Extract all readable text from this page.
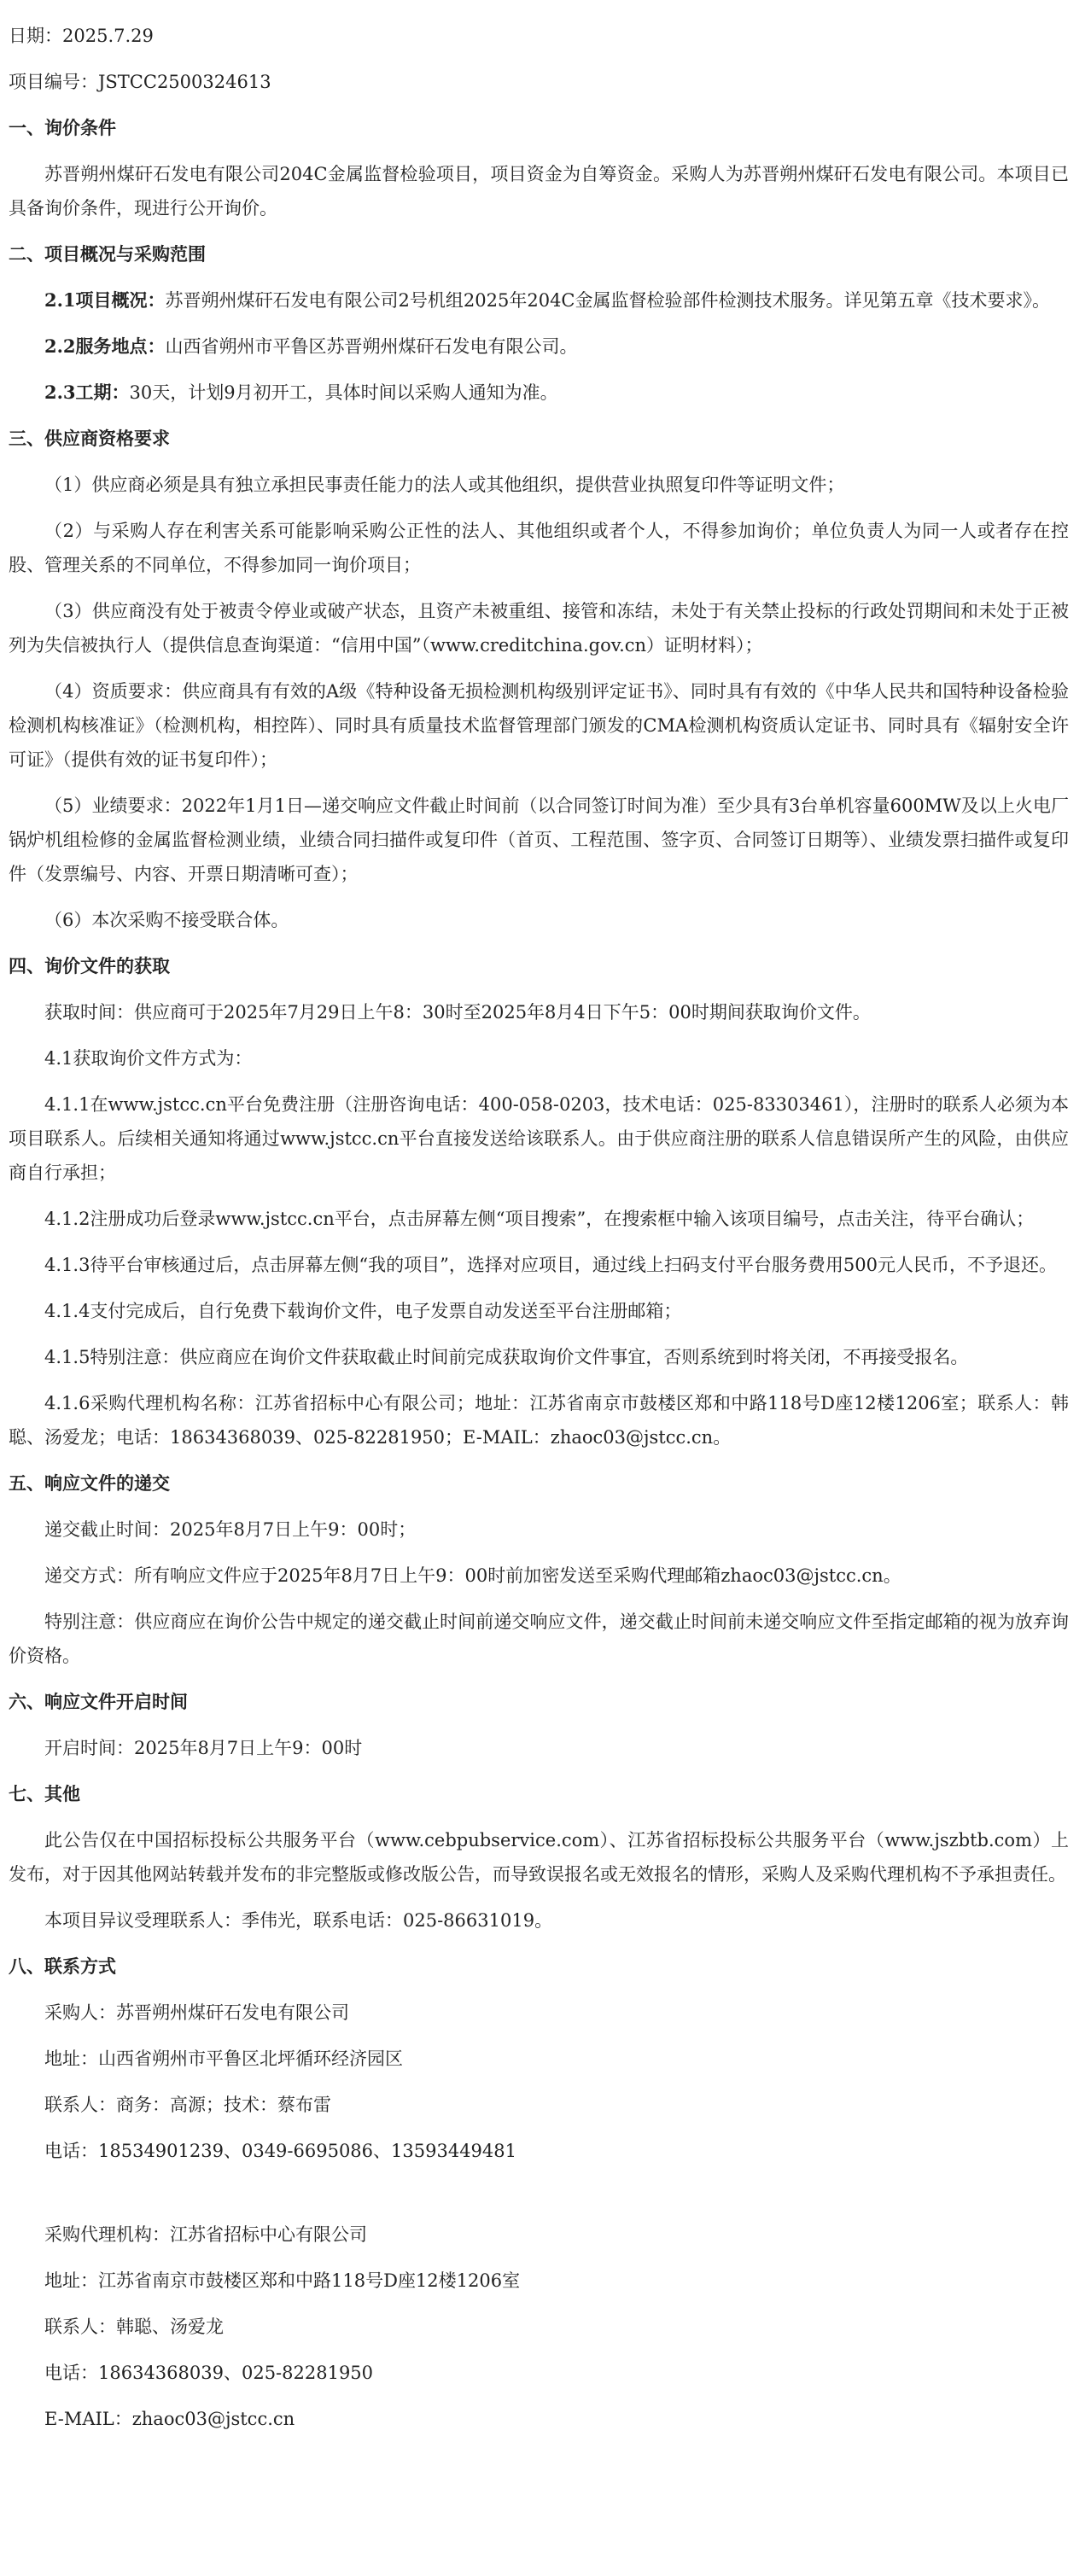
日期：2025.7.29

项目编号：JSTCC2500324613

一、询价条件

苏晋朔州煤矸石发电有限公司204C金属监督检验项目，项目资金为自筹资金。采购人为苏晋朔州煤矸石发电有限公司。本项目已具备询价条件，现进行公开询价。

二、项目概况与采购范围

2.1项目概况：苏晋朔州煤矸石发电有限公司2号机组2025年204C金属监督检验部件检测技术服务。详见第五章《技术要求》。

2.2服务地点：山西省朔州市平鲁区苏晋朔州煤矸石发电有限公司。

2.3工期：30天，计划9月初开工，具体时间以采购人通知为准。

三、供应商资格要求

（1）供应商必须是具有独立承担民事责任能力的法人或其他组织，提供营业执照复印件等证明文件；

（2）与采购人存在利害关系可能影响采购公正性的法人、其他组织或者个人，不得参加询价；单位负责人为同一人或者存在控股、管理关系的不同单位，不得参加同一询价项目；

（3）供应商没有处于被责令停业或破产状态，且资产未被重组、接管和冻结，未处于有关禁止投标的行政处罚期间和未处于正被列为失信被执行人（提供信息查询渠道：“信用中国”（www.creditchina.gov.cn）证明材料）；

（4）资质要求：供应商具有有效的A级《特种设备无损检测机构级别评定证书》、同时具有有效的《中华人民共和国特种设备检验检测机构核准证》（检测机构，相控阵）、同时具有质量技术监督管理部门颁发的CMA检测机构资质认定证书、同时具有《辐射安全许可证》（提供有效的证书复印件）；

（5）业绩要求：2022年1月1日—递交响应文件截止时间前（以合同签订时间为准）至少具有3台单机容量600MW及以上火电厂锅炉机组检修的金属监督检测业绩，业绩合同扫描件或复印件（首页、工程范围、签字页、合同签订日期等）、业绩发票扫描件或复印件（发票编号、内容、开票日期清晰可查）；

（6）本次采购不接受联合体。

四、询价文件的获取

获取时间：供应商可于2025年7月29日上午8：30时至2025年8月4日下午5：00时期间获取询价文件。

4.1获取询价文件方式为：

4.1.1在www.jstcc.cn平台免费注册（注册咨询电话：400-058-0203，技术电话：025-83303461），注册时的联系人必须为本项目联系人。后续相关通知将通过www.jstcc.cn平台直接发送给该联系人。由于供应商注册的联系人信息错误所产生的风险，由供应商自行承担；

4.1.2注册成功后登录www.jstcc.cn平台，点击屏幕左侧“项目搜索”，在搜索框中输入该项目编号，点击关注，待平台确认；

4.1.3待平台审核通过后，点击屏幕左侧“我的项目”，选择对应项目，通过线上扫码支付平台服务费用500元人民币，不予退还。

4.1.4支付完成后，自行免费下载询价文件，电子发票自动发送至平台注册邮箱；

4.1.5特别注意：供应商应在询价文件获取截止时间前完成获取询价文件事宜，否则系统到时将关闭，不再接受报名。

4.1.6采购代理机构名称：江苏省招标中心有限公司；地址：江苏省南京市鼓楼区郑和中路118号D座12楼1206室；联系人：韩聪、汤爱龙；电话：18634368039、025-82281950；E-MAIL：zhaoc03@jstcc.cn。

五、响应文件的递交

递交截止时间：2025年8月7日上午9：00时；

递交方式：所有响应文件应于2025年8月7日上午9：00时前加密发送至采购代理邮箱zhaoc03@jstcc.cn。

特别注意：供应商应在询价公告中规定的递交截止时间前递交响应文件，递交截止时间前未递交响应文件至指定邮箱的视为放弃询价资格。

六、响应文件开启时间

开启时间：2025年8月7日上午9：00时

七、其他

此公告仅在中国招标投标公共服务平台（www.cebpubservice.com）、江苏省招标投标公共服务平台（www.jszbtb.com）上发布，对于因其他网站转载并发布的非完整版或修改版公告，而导致误报名或无效报名的情形，采购人及采购代理机构不予承担责任。

本项目异议受理联系人：季伟光，联系电话：025-86631019。

八、联系方式

采购人：苏晋朔州煤矸石发电有限公司

地址：山西省朔州市平鲁区北坪循环经济园区

联系人：商务：高源；技术：蔡布雷

电话：18534901239、0349-6695086、13593449481

采购代理机构：江苏省招标中心有限公司

地址：江苏省南京市鼓楼区郑和中路118号D座12楼1206室

联系人：韩聪、汤爱龙

电话：18634368039、025-82281950

E-MAIL：zhaoc03@jstcc.cn
